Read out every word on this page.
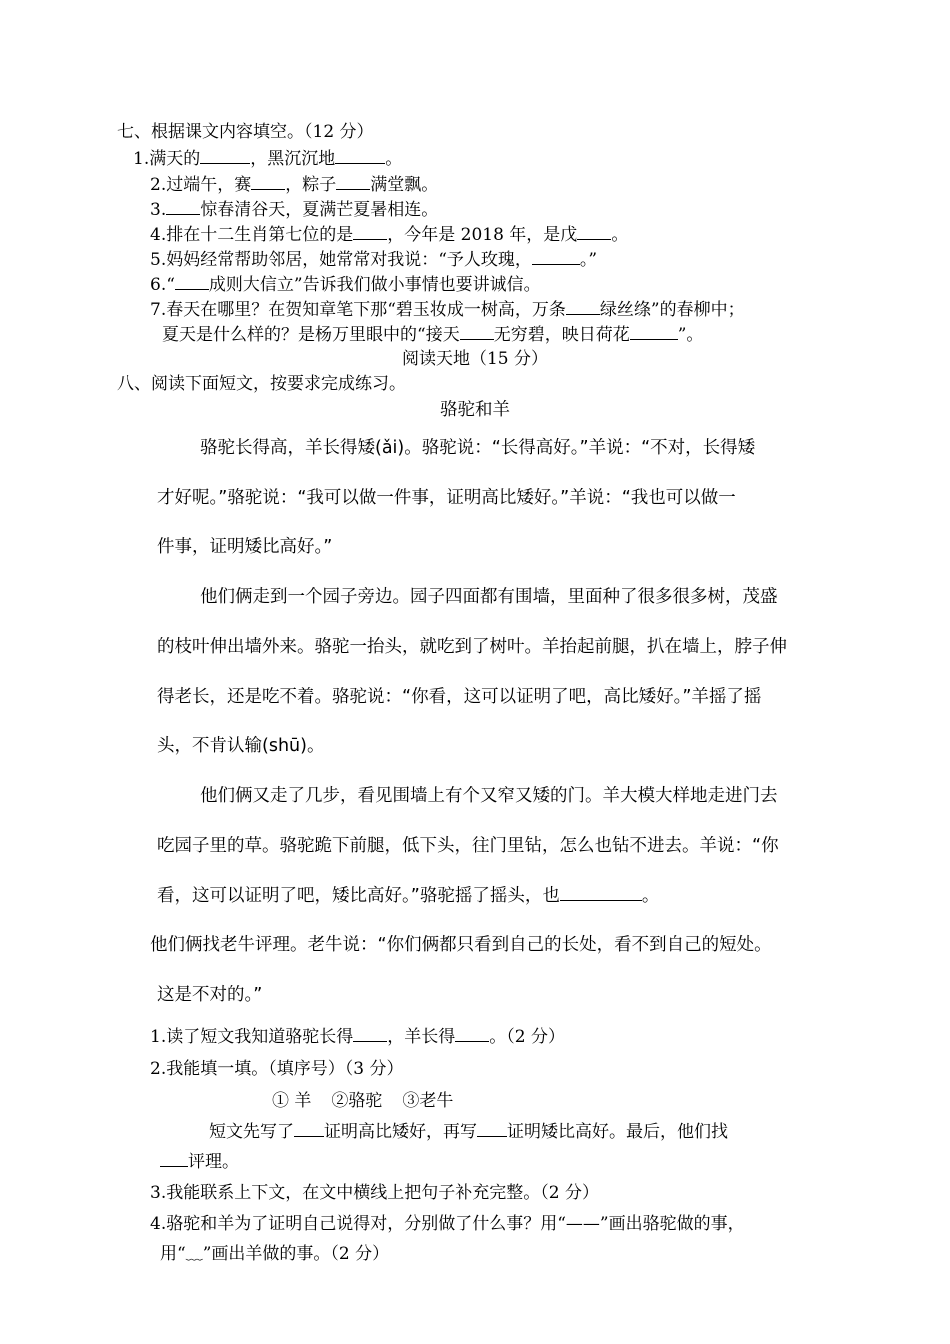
七、根据课文内容填空。（12 分）
1.满天的	，黑沉沉地	。
2.过端午，赛 ，粽子 满堂飘。
3. 惊春清谷天，夏满芒夏暑相连。
4.排在十二生肖第七位的是 ，今年是 2018 年，是戊 。
5.妈妈经常帮助邻居，她常常对我说：“予人玫瑰，	。”
6.“ 成则大信立”告诉我们做小事情也要讲诚信。
7.春天在哪里？在贺知章笔下那“碧玉妆成一树高，万条 绿丝绦”的春柳中；
夏天是什么样的？是杨万里眼中的“接天 无穷碧，映日荷花	”。
阅读天地（15 分）
八、阅读下面短文，按要求完成练习。
骆驼和羊
骆驼长得高，羊长得矮(ǎi)。骆驼说：“长得高好。”羊说：“不对，长得矮
才好呢。”骆驼说：“我可以做一件事，证明高比矮好。”羊说：“我也可以做一
件事，证明矮比高好。”
他们俩走到一个园子旁边。园子四面都有围墙，里面种了很多很多树，茂盛
的枝叶伸出墙外来。骆驼一抬头，就吃到了树叶。羊抬起前腿，扒在墙上，脖子伸
得老长，还是吃不着。骆驼说：“你看，这可以证明了吧，高比矮好。”羊摇了摇
头，不肯认输(shū)。
他们俩又走了几步，看见围墙上有个又窄又矮的门。羊大模大样地走进门去
吃园子里的草。骆驼跪下前腿，低下头，往门里钻，怎么也钻不进去。羊说：“你
看，这可以证明了吧，矮比高好。”骆驼摇了摇头，也	。
他们俩找老牛评理。老牛说：“你们俩都只看到自己的长处，看不到自己的短处。
这是不对的。”
1.读了短文我知道骆驼长得 ，羊长得 。（2 分）
2.我能填一填。（填序号）（3 分）
① 羊 ②骆驼 ③老牛
短文先写了 证明高比矮好，再写 证明矮比高好。最后，他们找
评理。
3.我能联系上下文，在文中横线上把句子补充完整。（2 分）
4.骆驼和羊为了证明自己说得对，分别做了什么事？用“——”画出骆驼做的事，
用“﹏”画出羊做的事。（2 分）
